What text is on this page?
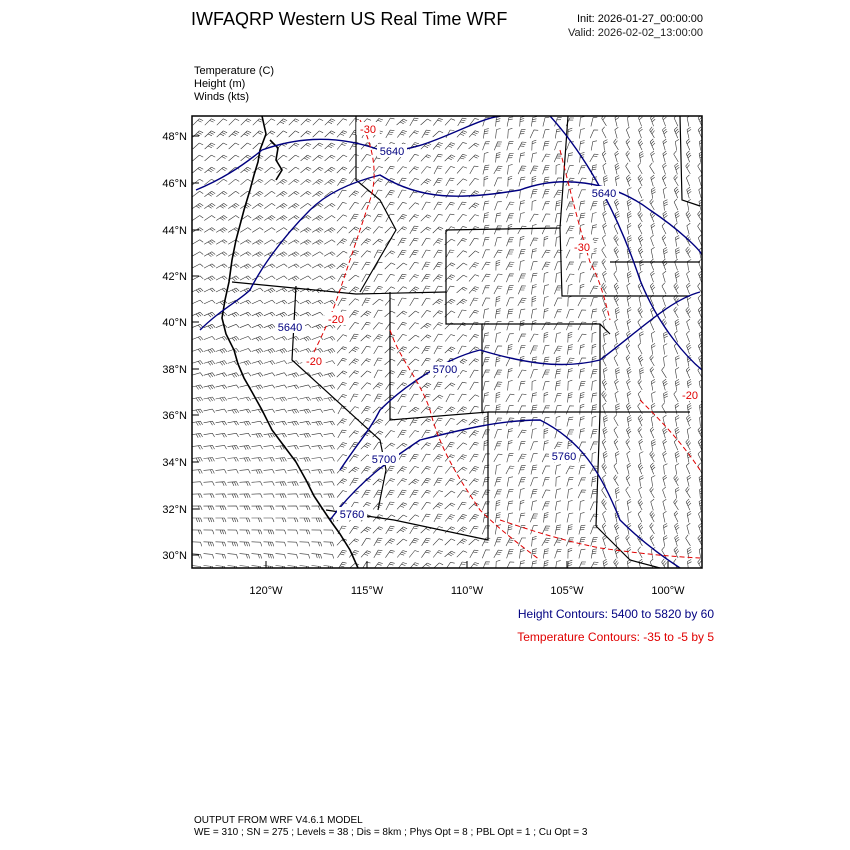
IWFAQRP Western US Real Time WRF	Init: 2026-01-27_00:00:00
Valid: 2026-02-02_13:00:00
Temperature (C)
Height (m)
Winds (kts)
5640
5640
5640
5700
5700	5760
5760
-30
-30
-20
-20
-20
48°N
46°N
44°N
42°N
40°N
38°N
36°N
34°N
32°N
30°N
120°W	115°W	110°W	105°W	100°W
Height Contours: 5400 to 5820 by 60
Temperature Contours: -35 to -5 by 5
OUTPUT FROM WRF V4.6.1 MODEL
WE = 310 ; SN = 275 ; Levels = 38 ; Dis = 8km ; Phys Opt = 8 ; PBL Opt = 1 ; Cu Opt = 3
